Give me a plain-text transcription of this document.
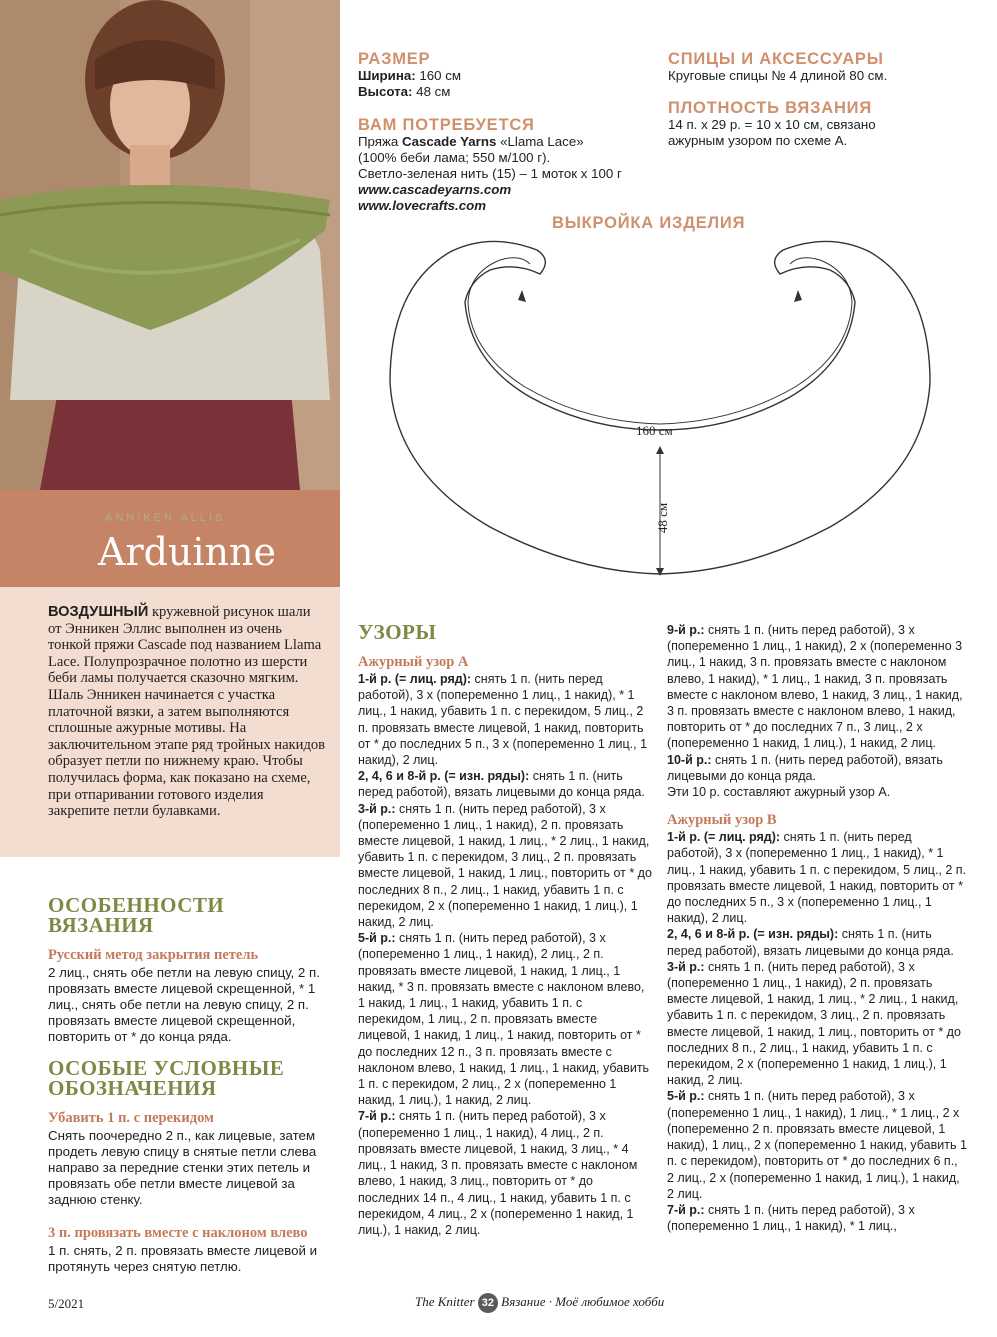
ANNIKEN ALLIS
Arduinne
ВОЗДУШНЫЙ кружевной рисунок шали от Энникен Эллис выполнен из очень тонкой пряжи Cascade под названием Llama Lace. Полупрозрачное полотно из шерсти беби ламы получается сказочно мягким. Шаль Энникен начинается с участка платочной вязки, а затем выполняются сплошные ажурные мотивы. На заключительном этапе ряд тройных накидов образует петли по нижнему краю. Чтобы получилась форма, как показано на схеме, при отпаривании готового изделия закрепите петли булавками.
РАЗМЕР
Ширина: 160 см
Высота: 48 см
ВАМ ПОТРЕБУЕТСЯ
Пряжа Cascade Yarns «Llama Lace»
(100% беби лама; 550 м/100 г).
Светло-зеленая нить (15) – 1 моток х 100 г
www.cascadeyarns.com
www.lovecrafts.com
СПИЦЫ И АКСЕССУАРЫ
Круговые спицы № 4 длиной 80 см.
ПЛОТНОСТЬ ВЯЗАНИЯ
14 п. х 29 р. = 10 х 10 см, связано ажурным узором по схеме А.
ВЫКРОЙКА ИЗДЕЛИЯ
160 см
48 см
ОСОБЕННОСТИ
ВЯЗАНИЯ
Русский метод закрытия петель
2 лиц., снять обе петли на левую спицу, 2 п. провязать вместе лицевой скрещенной, * 1 лиц., снять обе петли на левую спицу, 2 п. провязать вместе лицевой скрещенной, повторить от * до конца ряда.
ОСОБЫЕ УСЛОВНЫЕ
ОБОЗНАЧЕНИЯ
Убавить 1 п. с перекидом
Снять поочередно 2 п., как лицевые, затем продеть левую спицу в снятые петли слева направо за передние стенки этих петель и провязать обе петли вместе лицевой за заднюю стенку.
3 п. провязать вместе с наклоном влево
1 п. снять, 2 п. провязать вместе лицевой и протянуть через снятую петлю.
УЗОРЫ
Ажурный узор А
1-й р. (= лиц. ряд): снять 1 п. (нить перед работой), 3 х (попеременно 1 лиц., 1 накид), * 1 лиц., 1 накид, убавить 1 п. с перекидом, 5 лиц., 2 п. провязать вместе лицевой, 1 накид, повторить от * до последних 5 п., 3 х (попеременно 1 лиц., 1 накид), 2 лиц.
2, 4, 6 и 8-й р. (= изн. ряды): снять 1 п. (нить перед работой), вязать лицевыми до конца ряда.
3-й р.: снять 1 п. (нить перед работой), 3 х (попеременно 1 лиц., 1 накид), 2 п. провязать вместе лицевой, 1 накид, 1 лиц., * 2 лиц., 1 накид, убавить 1 п. с перекидом, 3 лиц., 2 п. провязать вместе лицевой, 1 накид, 1 лиц., повторить от * до последних 8 п., 2 лиц., 1 накид, убавить 1 п. с перекидом, 2 х (попеременно 1 накид, 1 лиц.), 1 накид, 2 лиц.
5-й р.: снять 1 п. (нить перед работой), 3 х (попеременно 1 лиц., 1 накид), 2 лиц., 2 п. провязать вместе лицевой, 1 накид, 1 лиц., 1 накид, * 3 п. провязать вместе с наклоном влево, 1 накид, 1 лиц., 1 накид, убавить 1 п. с перекидом, 1 лиц., 2 п. провязать вместе лицевой, 1 накид, 1 лиц., 1 накид, повторить от * до последних 12 п., 3 п. провязать вместе с наклоном влево, 1 накид, 1 лиц., 1 накид, убавить 1 п. с перекидом, 2 лиц., 2 х (попеременно 1 накид, 1 лиц.), 1 накид, 2 лиц.
7-й р.: снять 1 п. (нить перед работой), 3 х (попеременно 1 лиц., 1 накид), 4 лиц., 2 п. провязать вместе лицевой, 1 накид, 3 лиц., * 4 лиц., 1 накид, 3 п. провязать вместе с наклоном влево, 1 накид, 3 лиц., повторить от * до последних 14 п., 4 лиц., 1 накид, убавить 1 п. с перекидом, 4 лиц., 2 х (попеременно 1 накид, 1 лиц.), 1 накид, 2 лиц.
9-й р.: снять 1 п. (нить перед работой), 3 х (попеременно 1 лиц., 1 накид), 2 х (попеременно 3 лиц., 1 накид, 3 п. провязать вместе с наклоном влево, 1 накид), * 1 лиц., 1 накид, 3 п. провязать вместе с наклоном влево, 1 накид, 3 лиц., 1 накид, 3 п. провязать вместе с наклоном влево, 1 накид, повторить от * до последних 7 п., 3 лиц., 2 х (попеременно 1 накид, 1 лиц.), 1 накид, 2 лиц.
10-й р.: снять 1 п. (нить перед работой), вязать лицевыми до конца ряда.
Эти 10 р. составляют ажурный узор А.
Ажурный узор В
1-й р. (= лиц. ряд): снять 1 п. (нить перед работой), 3 х (попеременно 1 лиц., 1 накид), * 1 лиц., 1 накид, убавить 1 п. с перекидом, 5 лиц., 2 п. провязать вместе лицевой, 1 накид, повторить от * до последних 5 п., 3 х (попеременно 1 лиц., 1 накид), 2 лиц.
2, 4, 6 и 8-й р. (= изн. ряды): снять 1 п. (нить перед работой), вязать лицевыми до конца ряда.
3-й р.: снять 1 п. (нить перед работой), 3 х (попеременно 1 лиц., 1 накид), 2 п. провязать вместе лицевой, 1 накид, 1 лиц., * 2 лиц., 1 накид, убавить 1 п. с перекидом, 3 лиц., 2 п. провязать вместе лицевой, 1 накид, 1 лиц., повторить от * до последних 8 п., 2 лиц., 1 накид, убавить 1 п. с перекидом, 2 х (попеременно 1 накид, 1 лиц.), 1 накид, 2 лиц.
5-й р.: снять 1 п. (нить перед работой), 3 х (попеременно 1 лиц., 1 накид), 1 лиц., * 1 лиц., 2 х (попеременно 2 п. провязать вместе лицевой, 1 накид), 1 лиц., 2 х (попеременно 1 накид, убавить 1 п. с перекидом), повторить от * до последних 6 п., 2 лиц., 2 х (попеременно 1 накид, 1 лиц.), 1 накид, 2 лиц.
7-й р.: снять 1 п. (нить перед работой), 3 х (попеременно 1 лиц., 1 накид), * 1 лиц.,
5/2021	The Knitter 32 Вязание · Моё любимое хобби
